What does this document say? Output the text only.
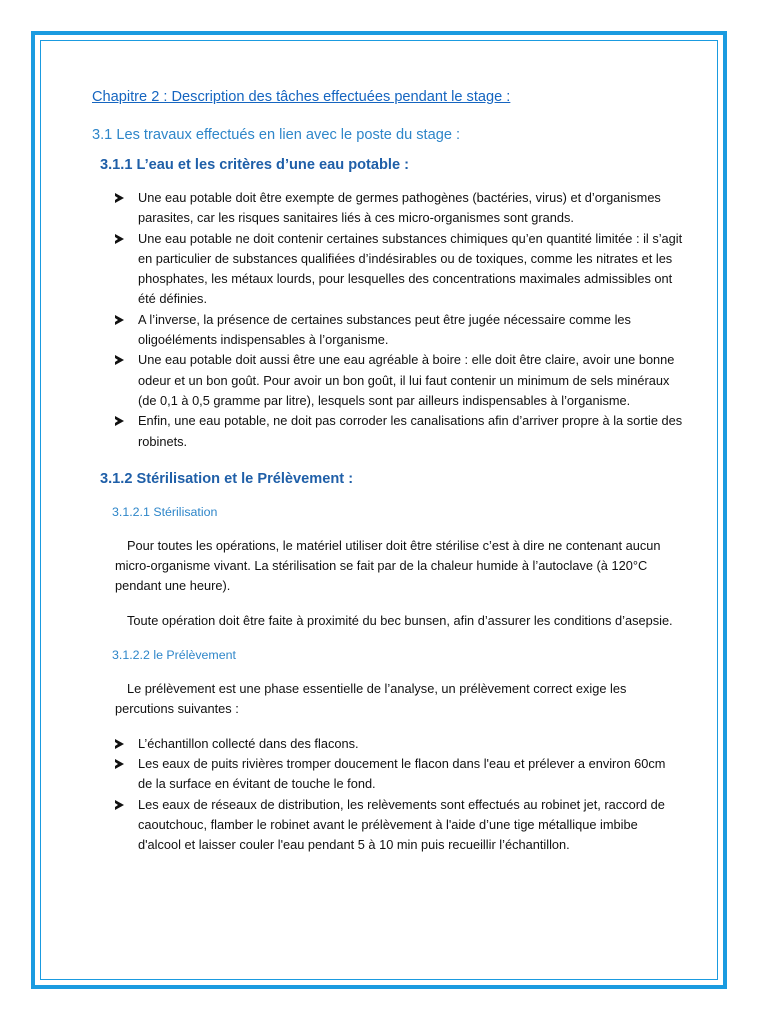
Chapitre 2 : Description des tâches effectuées pendant le stage :
3.1 Les travaux effectués en lien avec le poste du stage :
3.1.1 L’eau et les critères d’une eau potable :
Une eau potable doit être exempte de germes pathogènes (bactéries, virus) et d’organismes parasites, car les risques sanitaires liés à ces micro-organismes sont grands.
Une eau potable ne doit contenir certaines substances chimiques qu’en quantité limitée : il s’agit en particulier de substances qualifiées d’indésirables ou de toxiques, comme les nitrates et les phosphates, les métaux lourds, pour lesquelles des concentrations maximales admissibles ont été définies.
A l’inverse, la présence de certaines substances peut être jugée nécessaire comme les oligoéléments indispensables à l’organisme.
Une eau potable doit aussi être une eau agréable à boire : elle doit être claire, avoir une bonne odeur et un bon goût. Pour avoir un bon goût, il lui faut contenir un minimum de sels minéraux (de 0,1 à 0,5 gramme par litre), lesquels sont par ailleurs indispensables à l’organisme.
Enfin, une eau potable, ne doit pas corroder les canalisations afin d’arriver propre à la sortie des robinets.
3.1.2 Stérilisation et le Prélèvement :
3.1.2.1 Stérilisation

Pour toutes les opérations, le matériel utiliser doit être stérilise c’est à dire ne contenant aucun micro-organisme vivant. La stérilisation se fait par de la chaleur humide à l’autoclave (à 120°C pendant une heure).

Toute opération doit être faite à proximité du bec bunsen, afin d’assurer les conditions d’asepsie.

3.1.2.2 le Prélèvement

Le prélèvement est une phase essentielle de l’analyse, un prélèvement correct exige les percutions suivantes :

L’échantillon collecté dans des flacons.
Les eaux de puits rivières tromper doucement le flacon dans l'eau et prélever a environ 60cm de la surface en évitant de touche le fond.
Les eaux de réseaux de distribution, les relèvements sont effectués au robinet jet, raccord de caoutchouc, flamber le robinet avant le prélèvement à l'aide d’une tige métallique imbibe d'alcool et laisser couler l'eau pendant 5 à 10 min puis recueillir l’échantillon.
